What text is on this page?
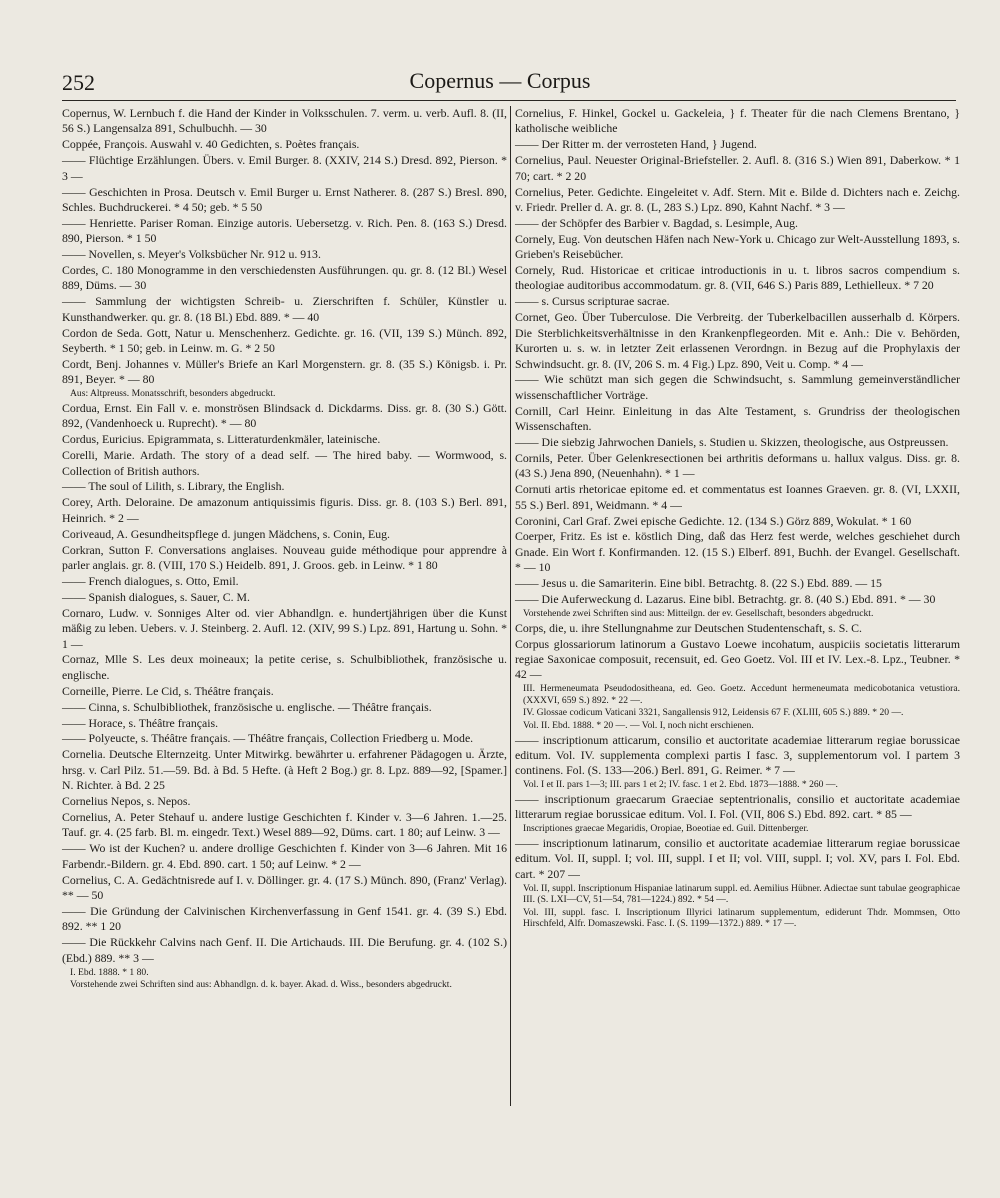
252	Copernus — Corpus

Copernus, W. Lernbuch f. die Hand der Kinder in Volksschulen. 7. verm. u. verb. Aufl. 8. (II, 56 S.) Langensalza 891, Schulbuchh. — 30

Coppée, François. Auswahl v. 40 Gedichten, s. Poètes français.

—— Flüchtige Erzählungen. Übers. v. Emil Burger. 8. (XXIV, 214 S.) Dresd. 892, Pierson. * 3 —

—— Geschichten in Prosa. Deutsch v. Emil Burger u. Ernst Natherer. 8. (287 S.) Bresl. 890, Schles. Buchdruckerei. * 4 50; geb. * 5 50

—— Henriette. Pariser Roman. Einzige autoris. Uebersetzg. v. Rich. Pen. 8. (163 S.) Dresd. 890, Pierson. * 1 50

—— Novellen, s. Meyer's Volksbücher Nr. 912 u. 913.

Cordes, C. 180 Monogramme in den verschiedensten Ausführungen. qu. gr. 8. (12 Bl.) Wesel 889, Düms. — 30

—— Sammlung der wichtigsten Schreib- u. Zierschriften f. Schüler, Künstler u. Kunsthandwerker. qu. gr. 8. (18 Bl.) Ebd. 889. * — 40

Cordon de Seda. Gott, Natur u. Menschenherz. Gedichte. gr. 16. (VII, 139 S.) Münch. 892, Seyberth. * 1 50; geb. in Leinw. m. G. * 2 50

Cordt, Benj. Johannes v. Müller's Briefe an Karl Morgenstern. gr. 8. (35 S.) Königsb. i. Pr. 891, Beyer. * — 80

Aus: Altpreuss. Monatsschrift, besonders abgedruckt.

Cordua, Ernst. Ein Fall v. e. monströsen Blindsack d. Dickdarms. Diss. gr. 8. (30 S.) Gött. 892, (Vandenhoeck u. Ruprecht). * — 80

Cordus, Euricius. Epigrammata, s. Litteraturdenkmäler, lateinische.

Corelli, Marie. Ardath. The story of a dead self. — The hired baby. — Wormwood, s. Collection of British authors.

—— The soul of Lilith, s. Library, the English.

Corey, Arth. Deloraine. De amazonum antiquissimis figuris. Diss. gr. 8. (103 S.) Berl. 891, Heinrich. * 2 —

Coriveaud, A. Gesundheitspflege d. jungen Mädchens, s. Conin, Eug.

Corkran, Sutton F. Conversations anglaises. Nouveau guide méthodique pour apprendre à parler anglais. gr. 8. (VIII, 170 S.) Heidelb. 891, J. Groos. geb. in Leinw. * 1 80

—— French dialogues, s. Otto, Emil.

—— Spanish dialogues, s. Sauer, C. M.

Cornaro, Ludw. v. Sonniges Alter od. vier Abhandlgn. e. hundertjährigen über die Kunst mäßig zu leben. Uebers. v. J. Steinberg. 2. Aufl. 12. (XIV, 99 S.) Lpz. 891, Hartung u. Sohn. * 1 —

Cornaz, Mlle S. Les deux moineaux; la petite cerise, s. Schulbibliothek, französische u. englische.

Corneille, Pierre. Le Cid, s. Théâtre français.

—— Cinna, s. Schulbibliothek, französische u. englische. — Théâtre français.

—— Horace, s. Théâtre français.

—— Polyeucte, s. Théâtre français. — Théâtre français, Collection Friedberg u. Mode.

Cornelia. Deutsche Elternzeitg. Unter Mitwirkg. bewährter u. erfahrener Pädagogen u. Ärzte, hrsg. v. Carl Pilz. 51.—59. Bd. à Bd. 5 Hefte. (à Heft 2 Bog.) gr. 8. Lpz. 889—92, [Spamer.] N. Richter. à Bd. 2 25

Cornelius Nepos, s. Nepos.

Cornelius, A. Peter Stehauf u. andere lustige Geschichten f. Kinder v. 3—6 Jahren. 1.—25. Tauf. gr. 4. (25 farb. Bl. m. eingedr. Text.) Wesel 889—92, Düms. cart. 1 80; auf Leinw. 3 —

—— Wo ist der Kuchen? u. andere drollige Geschichten f. Kinder von 3—6 Jahren. Mit 16 Farbendr.-Bildern. gr. 4. Ebd. 890. cart. 1 50; auf Leinw. * 2 —

Cornelius, C. A. Gedächtnisrede auf I. v. Döllinger. gr. 4. (17 S.) Münch. 890, (Franz' Verlag). ** — 50

—— Die Gründung der Calvinischen Kirchenverfassung in Genf 1541. gr. 4. (39 S.) Ebd. 892. ** 1 20

—— Die Rückkehr Calvins nach Genf. II. Die Artichauds. III. Die Berufung. gr. 4. (102 S.) (Ebd.) 889. ** 3 —

I. Ebd. 1888. * 1 80.

Vorstehende zwei Schriften sind aus: Abhandlgn. d. k. bayer. Akad. d. Wiss., besonders abgedruckt.

Cornelius, F. Hinkel, Gockel u. Gackeleia, } f. Theater für die nach Clemens Brentano, } katholische weibliche

—— Der Ritter m. der verrosteten Hand, } Jugend.

Cornelius, Paul. Neuester Original-Briefsteller. 2. Aufl. 8. (316 S.) Wien 891, Daberkow. * 1 70; cart. * 2 20

Cornelius, Peter. Gedichte. Eingeleitet v. Adf. Stern. Mit e. Bilde d. Dichters nach e. Zeichg. v. Friedr. Preller d. A. gr. 8. (L, 283 S.) Lpz. 890, Kahnt Nachf. * 3 —

—— der Schöpfer des Barbier v. Bagdad, s. Lesimple, Aug.

Cornely, Eug. Von deutschen Häfen nach New-York u. Chicago zur Welt-Ausstellung 1893, s. Grieben's Reisebücher.

Cornely, Rud. Historicae et criticae introductionis in u. t. libros sacros compendium s. theologiae auditoribus accommodatum. gr. 8. (VII, 646 S.) Paris 889, Lethielleux. * 7 20

—— s. Cursus scripturae sacrae.

Cornet, Geo. Über Tuberculose. Die Verbreitg. der Tuberkelbacillen ausserhalb d. Körpers. Die Sterblichkeitsverhältnisse in den Krankenpflegeorden. Mit e. Anh.: Die v. Behörden, Kurorten u. s. w. in letzter Zeit erlassenen Verordngn. in Bezug auf die Prophylaxis der Schwindsucht. gr. 8. (IV, 206 S. m. 4 Fig.) Lpz. 890, Veit u. Comp. * 4 —

—— Wie schützt man sich gegen die Schwindsucht, s. Sammlung gemeinverständlicher wissenschaftlicher Vorträge.

Cornill, Carl Heinr. Einleitung in das Alte Testament, s. Grundriss der theologischen Wissenschaften.

—— Die siebzig Jahrwochen Daniels, s. Studien u. Skizzen, theologische, aus Ostpreussen.

Cornils, Peter. Über Gelenkresectionen bei arthritis deformans u. hallux valgus. Diss. gr. 8. (43 S.) Jena 890, (Neuenhahn). * 1 —

Cornuti artis rhetoricae epitome ed. et commentatus est Ioannes Graeven. gr. 8. (VI, LXXII, 55 S.) Berl. 891, Weidmann. * 4 —

Coronini, Carl Graf. Zwei epische Gedichte. 12. (134 S.) Görz 889, Wokulat. * 1 60

Coerper, Fritz. Es ist e. köstlich Ding, daß das Herz fest werde, welches geschiehet durch Gnade. Ein Wort f. Konfirmanden. 12. (15 S.) Elberf. 891, Buchh. der Evangel. Gesellschaft. * — 10

—— Jesus u. die Samariterin. Eine bibl. Betrachtg. 8. (22 S.) Ebd. 889. — 15

—— Die Auferweckung d. Lazarus. Eine bibl. Betrachtg. gr. 8. (40 S.) Ebd. 891. * — 30

Vorstehende zwei Schriften sind aus: Mitteilgn. der ev. Gesellschaft, besonders abgedruckt.

Corps, die, u. ihre Stellungnahme zur Deutschen Studentenschaft, s. S. C.

Corpus glossariorum latinorum a Gustavo Loewe incohatum, auspiciis societatis litterarum regiae Saxonicae composuit, recensuit, ed. Geo Goetz. Vol. III et IV. Lex.-8. Lpz., Teubner. * 42 —

III. Hermeneumata Pseudodositheana, ed. Geo. Goetz. Accedunt hermeneumata medicobotanica vetustiora. (XXXVI, 659 S.) 892. * 22 —.

IV. Glossae codicum Vaticani 3321, Sangallensis 912, Leidensis 67 F. (XLIII, 605 S.) 889. * 20 —.

Vol. II. Ebd. 1888. * 20 —. — Vol. I, noch nicht erschienen.

—— inscriptionum atticarum, consilio et auctoritate academiae litterarum regiae borussicae editum. Vol. IV. supplementa complexi partis I fasc. 3, supplementorum vol. I partem 3 continens. Fol. (S. 133—206.) Berl. 891, G. Reimer. * 7 —

Vol. I et II. pars 1—3; III. pars 1 et 2; IV. fasc. 1 et 2. Ebd. 1873—1888. * 260 —.

—— inscriptionum graecarum Graeciae septentrionalis, consilio et auctoritate academiae litterarum regiae borussicae editum. Vol. I. Fol. (VII, 806 S.) Ebd. 892. cart. * 85 —

Inscriptiones graecae Megaridis, Oropiae, Boeotiae ed. Guil. Dittenberger.

—— inscriptionum latinarum, consilio et auctoritate academiae litterarum regiae borussicae editum. Vol. II, suppl. I; vol. III, suppl. I et II; vol. VIII, suppl. I; vol. XV, pars I. Fol. Ebd. cart. * 207 —

Vol. II, suppl. Inscriptionum Hispaniae latinarum suppl. ed. Aemilius Hübner. Adiectae sunt tabulae geographicae III. (S. LXI—CV, 51—54, 781—1224.) 892. * 54 —.

Vol. III, suppl. fasc. I. Inscriptionum Illyrici latinarum supplementum, ediderunt Thdr. Mommsen, Otto Hirschfeld, Alfr. Domaszewski. Fasc. I. (S. 1199—1372.) 889. * 17 —.
